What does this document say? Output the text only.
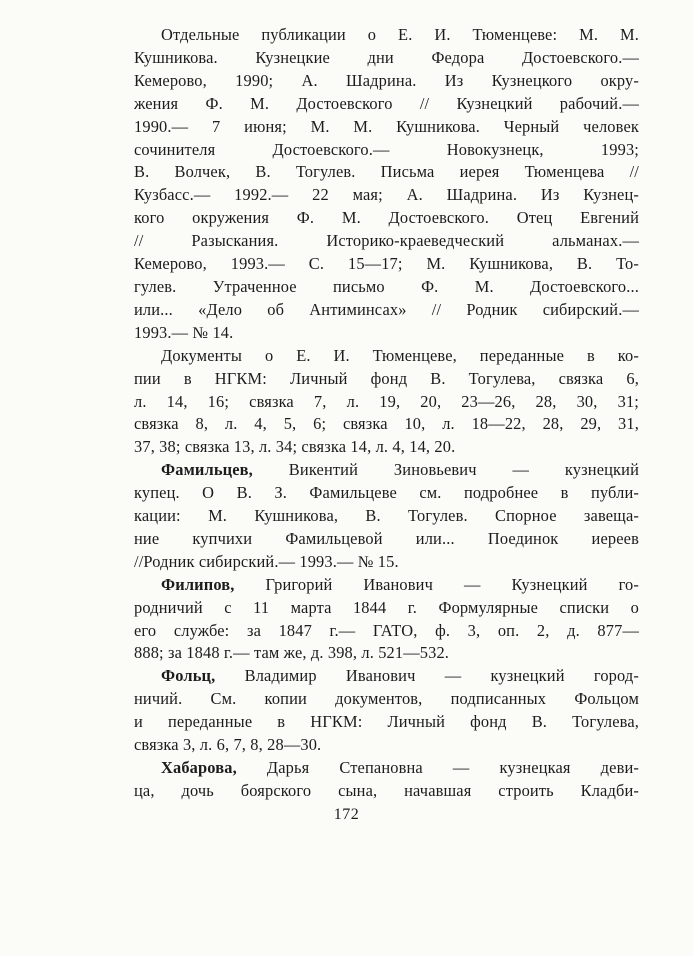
Отдельные публикации о Е. И. Тюменцеве: М. М.
Кушникова. Кузнецкие дни Федора Достоевского.—
Кемерово, 1990; А. Шадрина. Из Кузнецкого окру-
жения Ф. М. Достоевского // Кузнецкий рабочий.—
1990.— 7 июня; М. М. Кушникова. Черный человек
сочинителя Достоевского.— Новокузнецк, 1993;
В. Волчек, В. Тогулев. Письма иерея Тюменцева //
Кузбасс.— 1992.— 22 мая; А. Шадрина. Из Кузнец-
кого окружения Ф. М. Достоевского. Отец Евгений
// Разыскания. Историко-краеведческий альманах.—
Кемерово, 1993.— С. 15—17; М. Кушникова, В. То-
гулев. Утраченное письмо Ф. М. Достоевского...
или... «Дело об Антиминсах» // Родник сибирский.—
1993.— № 14.
Документы о Е. И. Тюменцеве, переданные в ко-
пии в НГКМ: Личный фонд В. Тогулева, связка 6,
л. 14, 16; связка 7, л. 19, 20, 23—26, 28, 30, 31;
связка 8, л. 4, 5, 6; связка 10, л. 18—22, 28, 29, 31,
37, 38; связка 13, л. 34; связка 14, л. 4, 14, 20.
Фамильцев, Викентий Зиновьевич — кузнецкий
купец. О В. З. Фамильцеве см. подробнее в публи-
кации: М. Кушникова, В. Тогулев. Спорное завеща-
ние купчихи Фамильцевой или... Поединок иереев
//Родник сибирский.— 1993.— № 15.
Филипов, Григорий Иванович — Кузнецкий го-
родничий с 11 марта 1844 г. Формулярные списки о
его службе: за 1847 г.— ГАТО, ф. 3, оп. 2, д. 877—
888; за 1848 г.— там же, д. 398, л. 521—532.
Фольц, Владимир Иванович — кузнецкий город-
ничий. См. копии документов, подписанных Фольцом
и переданные в НГКМ: Личный фонд В. Тогулева,
связка 3, л. 6, 7, 8, 28—30.
Хабарова, Дарья Степановна — кузнецкая деви-
ца, дочь боярского сына, начавшая строить Кладби-
172
